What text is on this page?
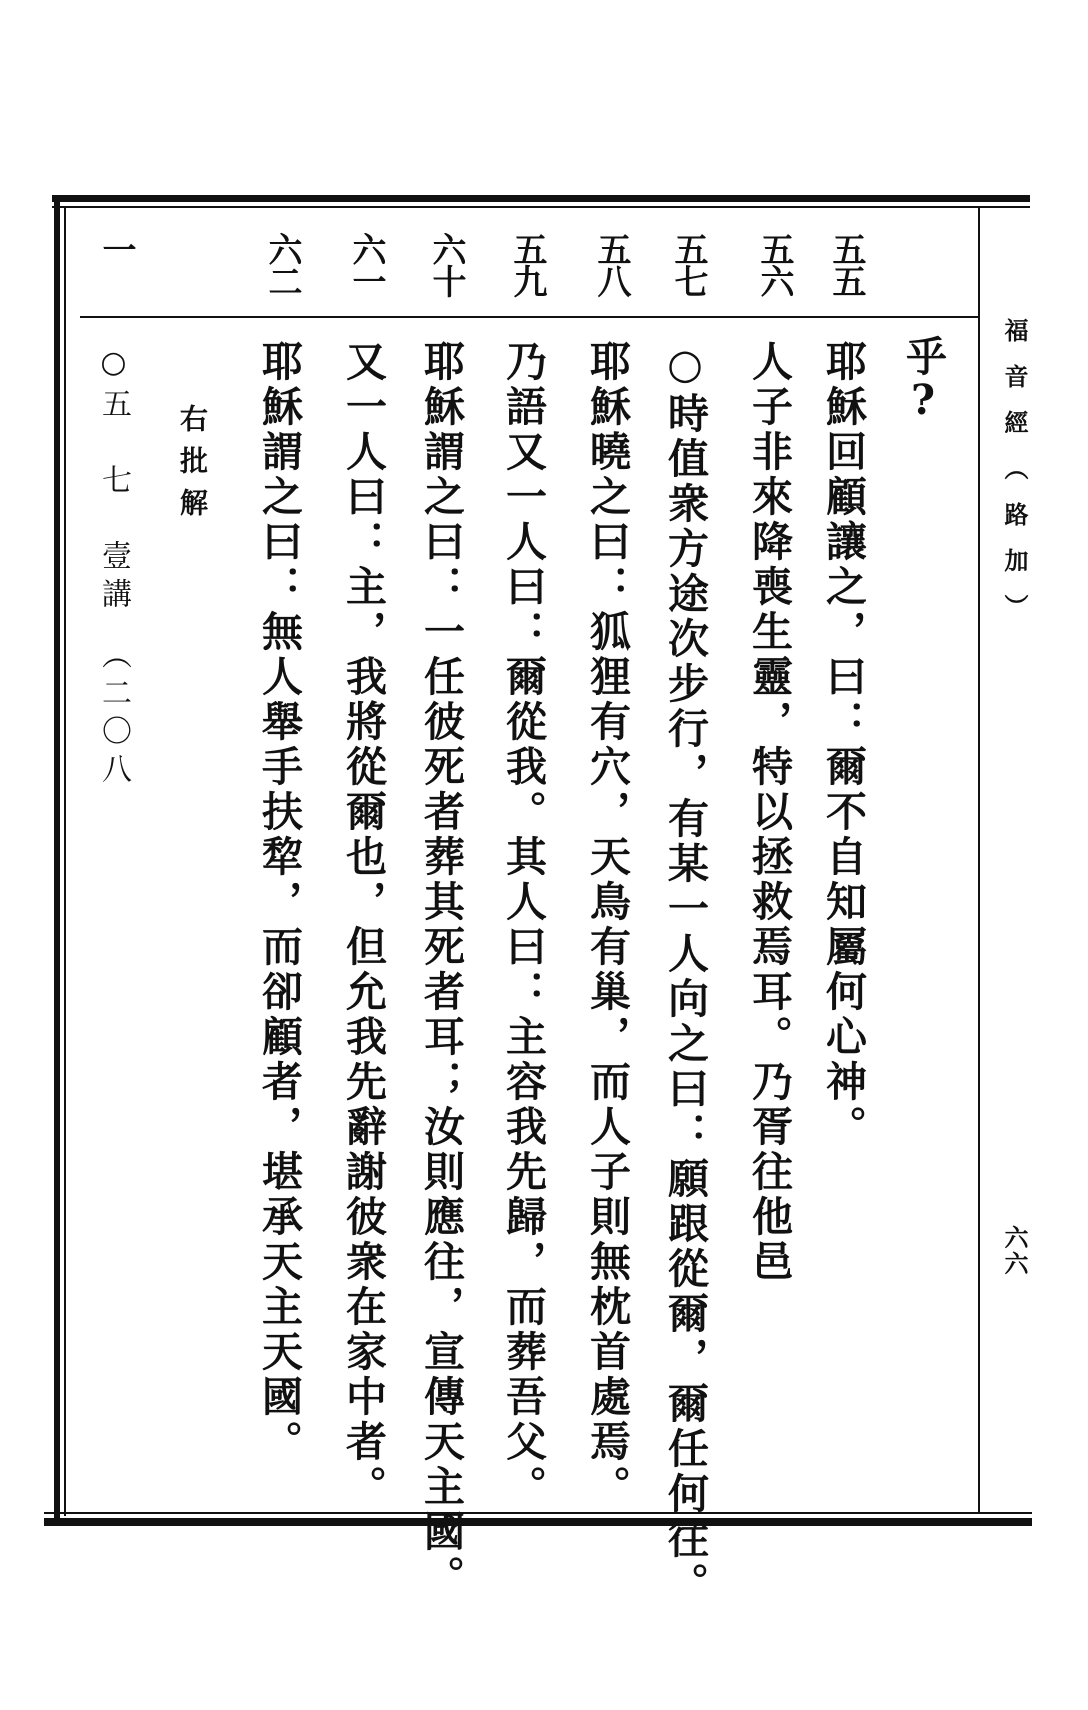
福音經（路加）
六六
乎?
五五
五六
五七
五八
五九
六十
六一
六二
耶穌回顧讓之，曰：爾不自知屬何心神。
人子非來降喪生靈，特以拯救焉耳。乃胥往他邑
○時值衆方途次步行，有某一人向之曰：願跟從爾，爾任何往。
耶穌曉之曰：狐狸有穴，天鳥有巢，而人子則無枕首處焉。
乃語又一人曰：爾從我。其人曰：主容我先歸，而葬吾父。
耶穌謂之曰：一任彼死者葬其死者耳；汝則應往，宣傳天主國。
又一人曰：主，我將從爾也，但允我先辭謝彼衆在家中者。
耶穌謂之曰：無人舉手扶犂，而卻顧者，堪承天主天國。
右批解
一
○五　七　壹講　（二〇八
